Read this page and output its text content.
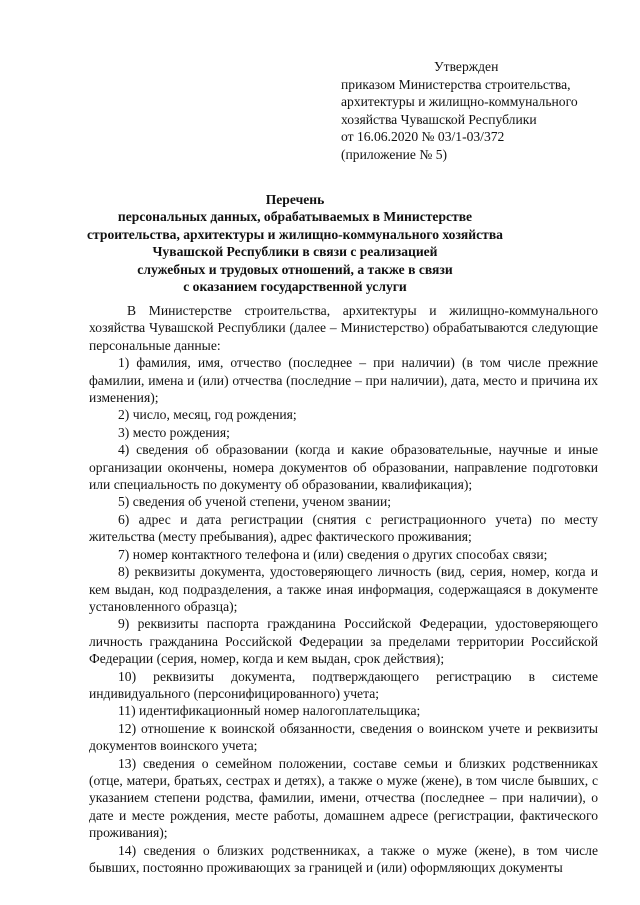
Утвержден
приказом Министерства строительства,
архитектуры и жилищно-коммунального
хозяйства Чувашской Республики
от 16.06.2020 № 03/1-03/372
(приложение № 5)
Перечень
персональных данных, обрабатываемых в Министерстве
строительства, архитектуры и жилищно-коммунального хозяйства
Чувашской Республики в связи с реализацией
служебных и трудовых отношений, а также в связи
с оказанием государственной услуги

В Министерстве строительства, архитектуры и жилищно-коммунального хозяйства Чувашской Республики (далее – Министерство) обрабатываются следующие персональные данные:

1) фамилия, имя, отчество (последнее – при наличии) (в том числе прежние фамилии, имена и (или) отчества (последние – при наличии), дата, место и причина их изменения);

2) число, месяц, год рождения;

3) место рождения;

4) сведения об образовании (когда и какие образовательные, научные и иные организации окончены, номера документов об образовании, направление подготовки или специальность по документу об образовании, квалификация);

5) сведения об ученой степени, ученом звании;

6) адрес и дата регистрации (снятия с регистрационного учета) по месту жительства (месту пребывания), адрес фактического проживания;

7) номер контактного телефона и (или) сведения о других способах связи;

8) реквизиты документа, удостоверяющего личность (вид, серия, номер, когда и кем выдан, код подразделения, а также иная информация, содержащаяся в документе установленного образца);

9) реквизиты паспорта гражданина Российской Федерации, удостоверяющего личность гражданина Российской Федерации за пределами территории Российской Федерации (серия, номер, когда и кем выдан, срок действия);

10) реквизиты документа, подтверждающего регистрацию в системе индивидуального (персонифицированного) учета;

11) идентификационный номер налогоплательщика;

12) отношение к воинской обязанности, сведения о воинском учете и реквизиты документов воинского учета;

13) сведения о семейном положении, составе семьи и близких родственниках (отце, матери, братьях, сестрах и детях), а также о муже (жене), в том числе бывших, с указанием степени родства, фамилии, имени, отчества (последнее – при наличии), о дате и месте рождения, месте работы, домашнем адресе (регистрации, фактического проживания);

14) сведения о близких родственниках, а также о муже (жене), в том числе бывших, постоянно проживающих за границей и (или) оформляющих документы
